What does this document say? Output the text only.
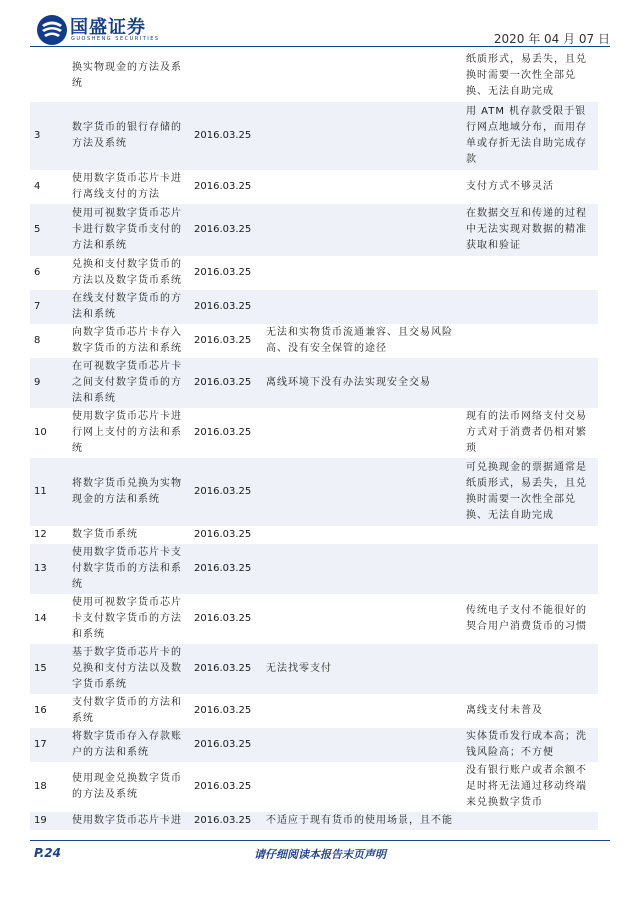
国盛证券
GUOSHENG SECURITIES	2020 年 04 月 07 日
	换实物现金的方法及系统			纸质形式，易丢失，且兑换时需要一次性全部兑换、无法自助完成
3	数字货币的银行存储的方法及系统	2016.03.25		用 ATM 机存款受限于银行网点地域分布，而用存单或存折无法自助完成存款
4	使用数字货币芯片卡进行离线支付的方法	2016.03.25		支付方式不够灵活
5	使用可视数字货币芯片卡进行数字货币支付的方法和系统	2016.03.25		在数据交互和传递的过程中无法实现对数据的精准获取和验证
6	兑换和支付数字货币的方法以及数字货币系统	2016.03.25		
7	在线支付数字货币的方法和系统	2016.03.25		
8	向数字货币芯片卡存入数字货币的方法和系统	2016.03.25	无法和实物货币流通兼容、且交易风险高、没有安全保管的途径	
9	在可视数字货币芯片卡之间支付数字货币的方法和系统	2016.03.25	离线环境下没有办法实现安全交易	
10	使用数字货币芯片卡进行网上支付的方法和系统	2016.03.25		现有的法币网络支付交易方式对于消费者仍相对繁琐
11	将数字货币兑换为实物现金的方法和系统	2016.03.25		可兑换现金的票据通常是纸质形式，易丢失，且兑换时需要一次性全部兑换、无法自助完成
12	数字货币系统	2016.03.25		
13	使用数字货币芯片卡支付数字货币的方法和系统	2016.03.25		
14	使用可视数字货币芯片卡支付数字货币的方法和系统	2016.03.25		传统电子支付不能很好的契合用户消费货币的习惯
15	基于数字货币芯片卡的兑换和支付方法以及数字货币系统	2016.03.25	无法找零支付	
16	支付数字货币的方法和系统	2016.03.25		离线支付未普及
17	将数字货币存入存款账户的方法和系统	2016.03.25		实体货币发行成本高；洗钱风险高；不方便
18	使用现金兑换数字货币的方法及系统	2016.03.25		没有银行账户或者余额不足时将无法通过移动终端来兑换数字货币
19	使用数字货币芯片卡进	2016.03.25	不适应于现有货币的使用场景，且不能	
P.24	请仔细阅读本报告末页声明
